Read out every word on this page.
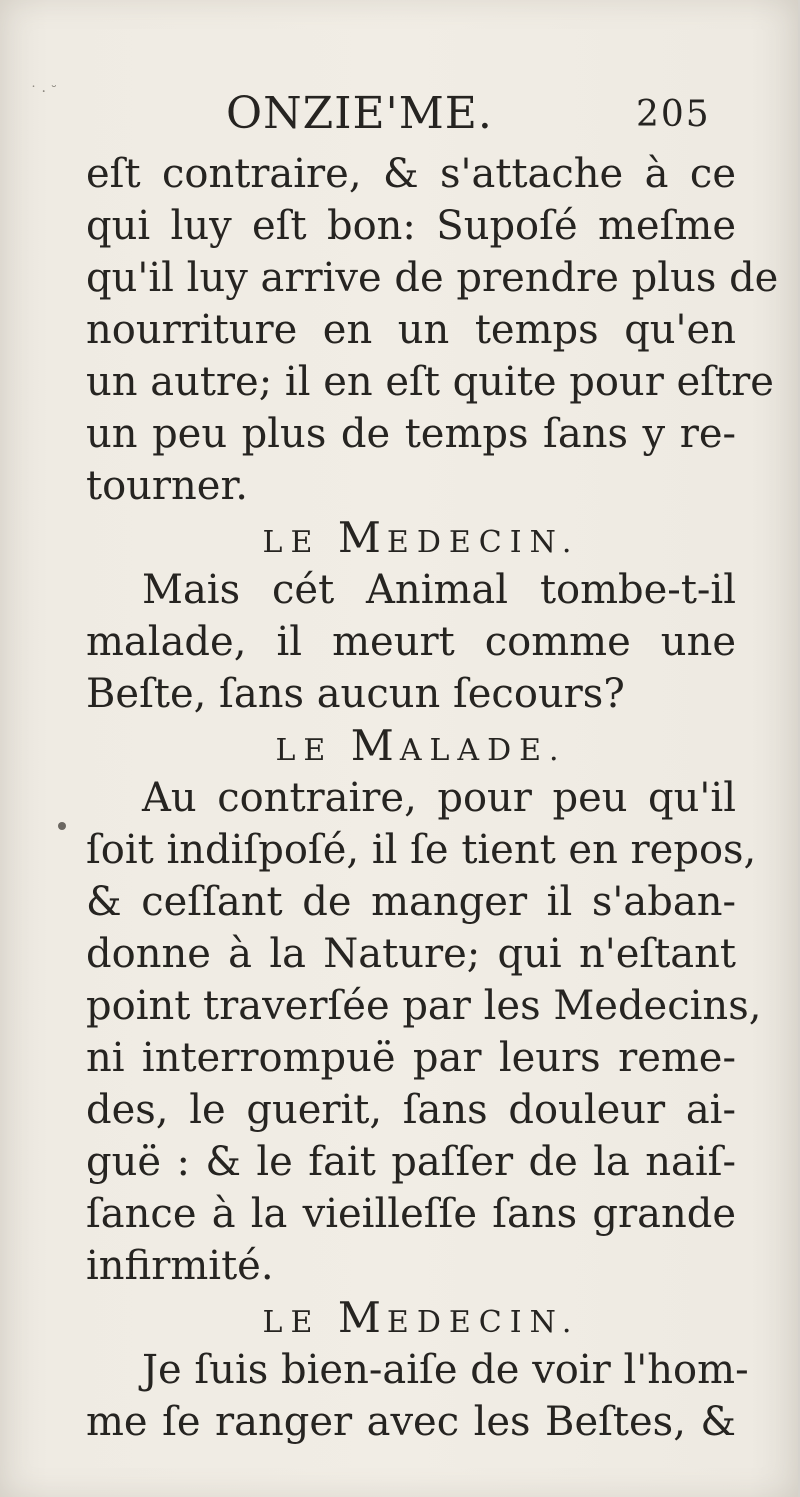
˙ · ˘	ONZIE'ME.	205
eſt contraire, & s'attache à ce
qui luy eſt bon: Supoſé meſme
qu'il luy arrive de prendre plus de
nourriture en un temps qu'en
un autre; il en eſt quite pour eſtre
un peu plus de temps ſans y re-
tourner.
LE MEDECIN.
Mais cét Animal tombe-t-il
malade, il meurt comme une
Beſte, ſans aucun ſecours?
LE MALADE.
Au contraire, pour peu qu'il
ſoit indiſpoſé, il ſe tient en repos,
& ceſſant de manger il s'aban-
donne à la Nature; qui n'eſtant
point traverſée par les Medecins,
ni interrompuë par leurs reme-
des, le guerit, ſans douleur ai-
guë : & le fait paſſer de la naiſ-
ſance à la vieilleſſe ſans grande
infirmité.
LE MEDECIN.
Je ſuis bien-aiſe de voir l'hom-
me ſe ranger avec les Beſtes, &
